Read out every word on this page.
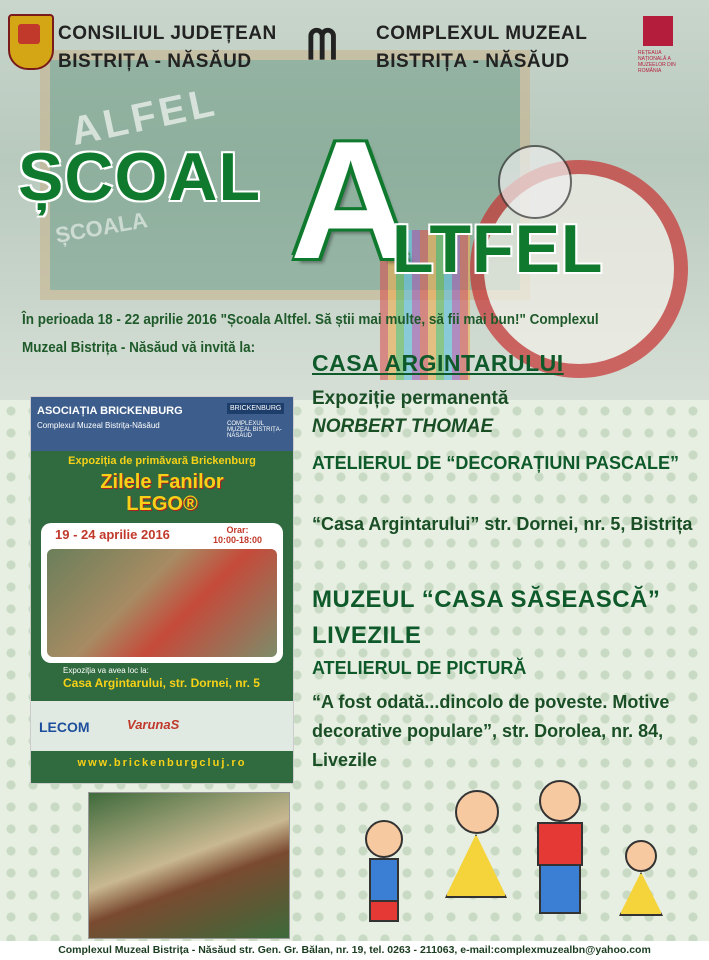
ALFEL
ȘCOALA
CONSILIUL JUDEȚEAN
BISTRIȚA - NĂSĂUD	ᗰ COMPLEXUL MUZEAL
BISTRIȚA - NĂSĂUD	REȚEAUA NAȚIONALĂ A MUZEELOR DIN ROMÂNIA
ȘCOAL A
LTFEL
În perioada 18 - 22 aprilie 2016 "Școala Altfel. Să știi mai multe, să fii mai bun!" Complexul
Muzeal Bistrița - Năsăud vă invită la:
ASOCIAȚIA BRICKENBURG
Complexul Muzeal Bistrița-Năsăud
BRICKENBURG
COMPLEXUL MUZEAL BISTRIȚA-NĂSĂUD
Expoziția de primăvară Brickenburg
Zilele Fanilor
LEGO®
19 - 24 aprilie 2016	Orar:
10:00-18:00
Expoziția va avea loc la:
Casa Argintarului, str. Dornei, nr. 5
LECOM	VarunaS
www.brickenburgcluj.ro
CASA ARGINTARULUI
Expoziție permanentă
NORBERT THOMAE
ATELIERUL DE “DECORAȚIUNI PASCALE”
“Casa Argintarului” str. Dornei, nr. 5, Bistrița
MUZEUL “CASA SĂSEASCĂ” LIVEZILE
ATELIERUL DE PICTURĂ
“A fost odată...dincolo de poveste. Motive decorative populare”, str. Dorolea, nr. 84, Livezile
Complexul Muzeal Bistrița - Năsăud str. Gen. Gr. Bălan, nr. 19, tel. 0263 - 211063, e-mail:complexmuzealbn@yahoo.com
